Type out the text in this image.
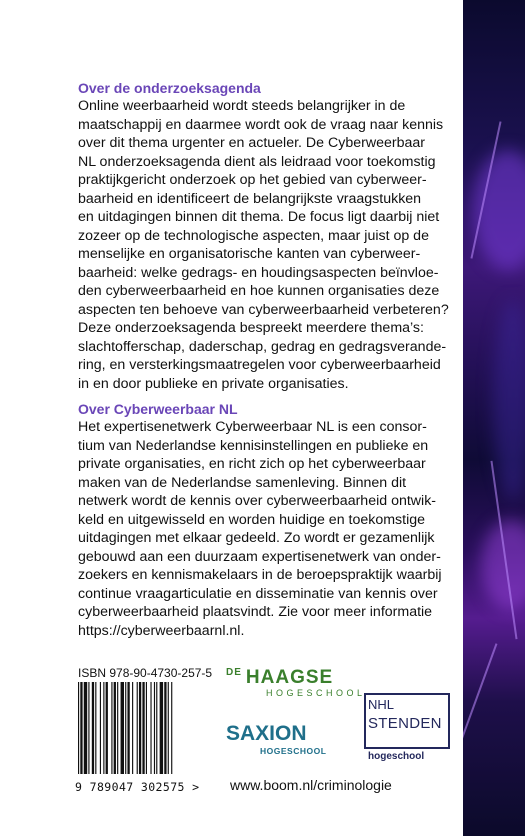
Over de onderzoeksagenda
Online weerbaarheid wordt steeds belangrijker in de
maatschappij en daarmee wordt ook de vraag naar kennis
over dit thema urgenter en actueler. De Cyberweerbaar
NL onderzoeksagenda dient als leidraad voor toekomstig
praktijkgericht onderzoek op het gebied van cyberweer-
baarheid en identificeert de belangrijkste vraagstukken
en uitdagingen binnen dit thema. De focus ligt daarbij niet
zozeer op de technologische aspecten, maar juist op de
menselijke en organisatorische kanten van cyberweer-
baarheid: welke gedrags- en houdingsaspecten beïnvloe-
den cyberweerbaarheid en hoe kunnen organisaties deze
aspecten ten behoeve van cyberweerbaarheid verbeteren?
Deze onderzoeksagenda bespreekt meerdere thema’s:
slachtofferschap, daderschap, gedrag en gedragsverande-
ring, en versterkingsmaatregelen voor cyberweerbaarheid
in en door publieke en private organisaties.
Over Cyberweerbaar NL
Het expertisenetwerk Cyberweerbaar NL is een consor-
tium van Nederlandse kennisinstellingen en publieke en
private organisaties, en richt zich op het cyberweerbaar
maken van de Nederlandse samenleving. Binnen dit
netwerk wordt de kennis over cyberweerbaarheid ontwik-
keld en uitgewisseld en worden huidige en toekomstige
uitdagingen met elkaar gedeeld. Zo wordt er gezamenlijk
gebouwd aan een duurzaam expertisenetwerk van onder-
zoekers en kennismakelaars in de beroepspraktijk waarbij
continue vraagarticulatie en disseminatie van kennis over
cyberweerbaarheid plaatsvindt. Zie voor meer informatie
https://cyberweerbaarnl.nl.
ISBN 978-90-4730-257-5
9 789047 302575 >
$^{DE}$ HAAGSE
HOGESCHOOL
SAXION
HOGESCHOOL
NHL
STENDEN
hogeschool
www.boom.nl/criminologie
